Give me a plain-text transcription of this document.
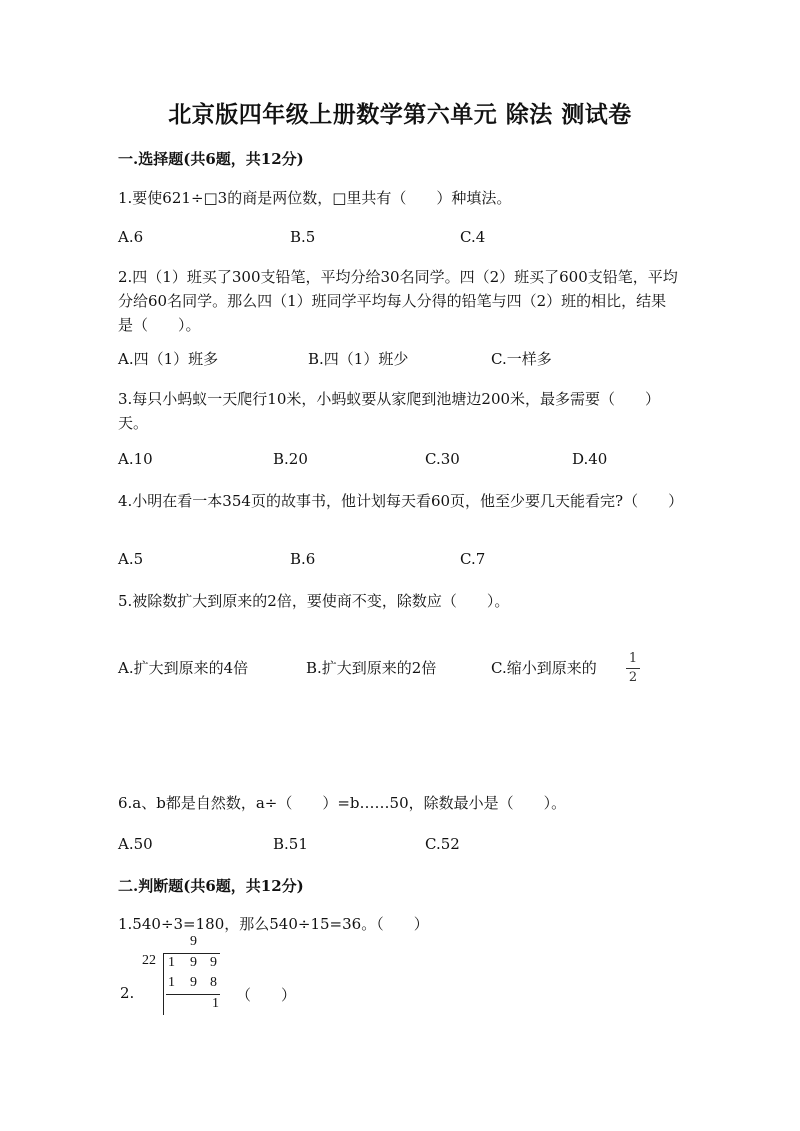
北京版四年级上册数学第六单元 除法 测试卷
一.选择题(共6题，共12分)
1.要使621÷□3的商是两位数，□里共有（　　）种填法。
A.6	B.5	C.4
2.四（1）班买了300支铅笔，平均分给30名同学。四（2）班买了600支铅笔，平均分给60名同学。那么四（1）班同学平均每人分得的铅笔与四（2）班的相比，结果是（　　）。
A.四（1）班多	B.四（1）班少	C.一样多
3.每只小蚂蚁一天爬行10米，小蚂蚁要从家爬到池塘边200米，最多需要（　　）天。
A.10	B.20	C.30	D.40
4.小明在看一本354页的故事书，他计划每天看60页，他至少要几天能看完?（　　）
A.5	B.6	C.7
5.被除数扩大到原来的2倍，要使商不变，除数应（　　）。
A.扩大到原来的4倍	B.扩大到原来的2倍	C.缩小到原来的
1
2
6.a、b都是自然数，a÷（　　）=b……50，除数最小是（　　）。
A.50	B.51	C.52
二.判断题(共6题，共12分)
1.540÷3=180，那么540÷15=36。（　　）
2.
9
22 1 9 9
1 9 8
1 （　　）
